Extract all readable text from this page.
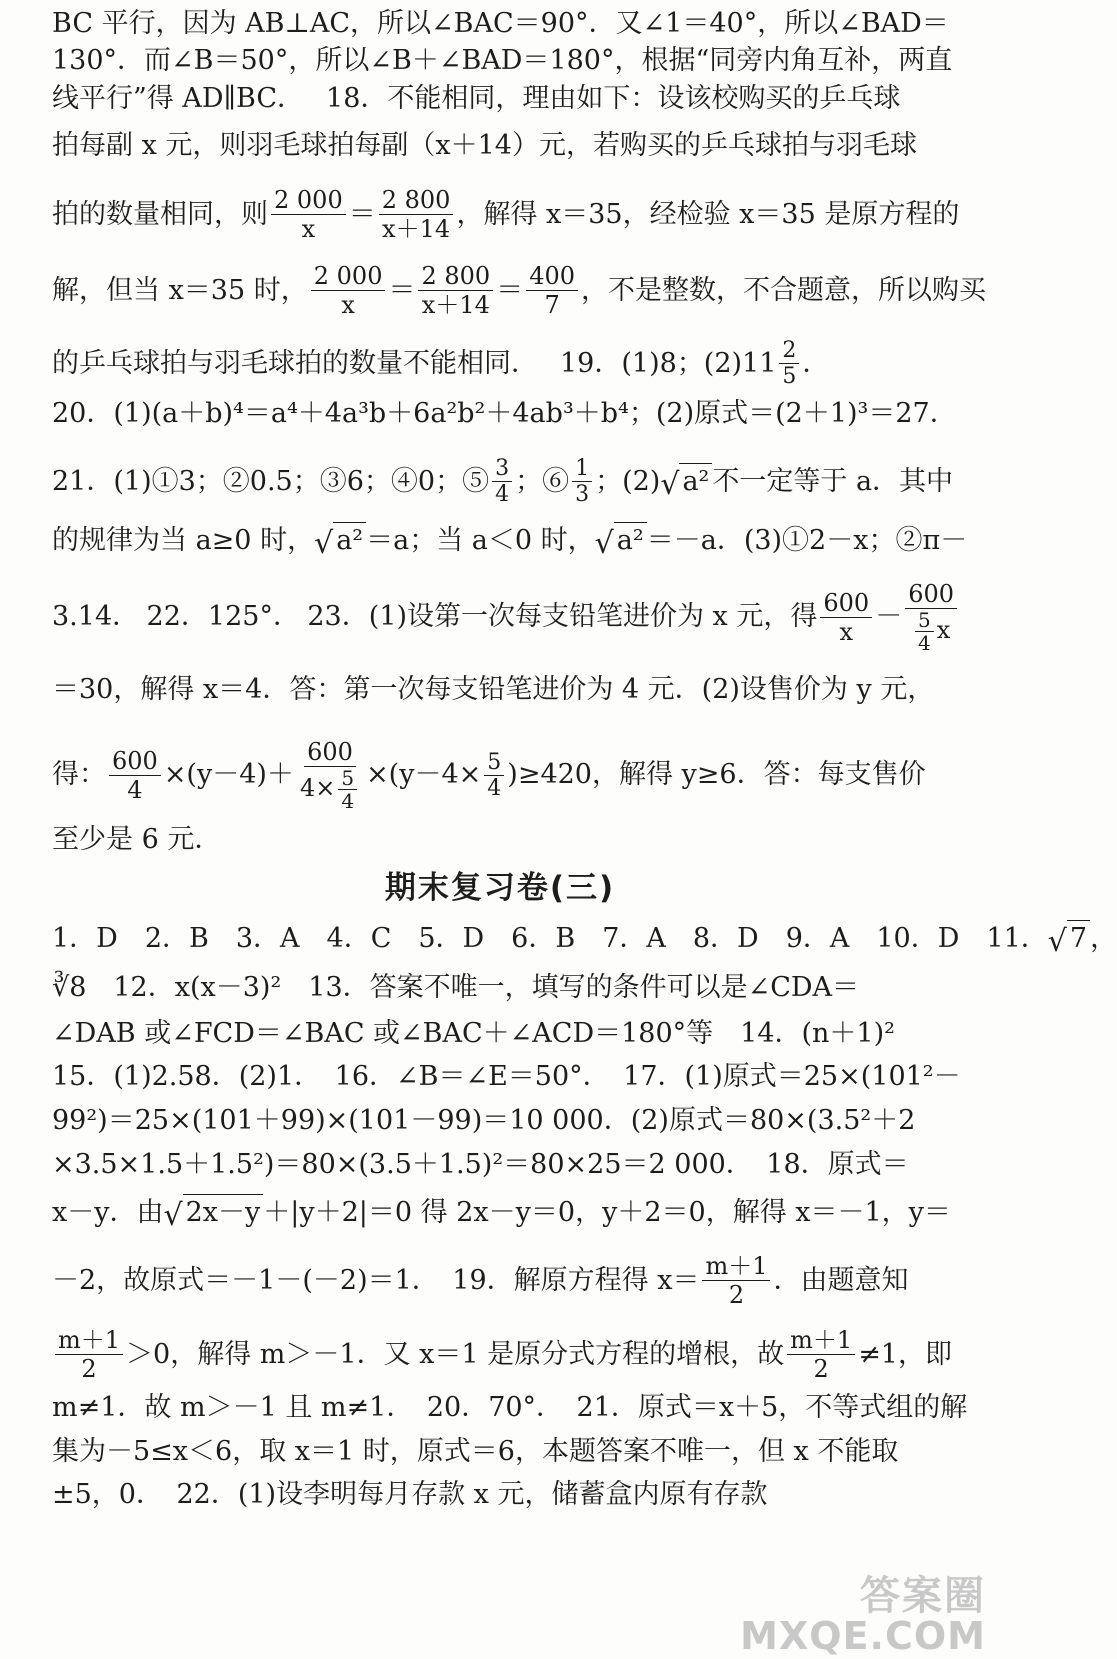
BC 平行，因为 AB⊥AC，所以∠BAC＝90°．又∠1＝40°，所以∠BAD＝
130°．而∠B＝50°，所以∠B＋∠BAD＝180°，根据“同旁内角互补，两直
线平行”得 AD∥BC． 18．不能相同，理由如下：设该校购买的乒乓球
拍每副 x 元，则羽毛球拍每副（x＋14）元，若购买的乒乓球拍与羽毛球
拍的数量相同，则 $\frac{2 000}{x} = \frac{2 800}{x+14}$ ，解得 x＝35，经检验 x＝35 是原方程的
解，但当 x＝35 时， $\frac{2 000}{x} = \frac{2 800}{x+14} = \frac{400}{7}$ ，不是整数，不合题意，所以购买
的乒乓球拍与羽毛球拍的数量不能相同． 19．(1)8；$(2)11 \frac{2}{5}$ ．
20．(1)(a＋b)⁴＝a⁴＋4a³b＋6a²b²＋4ab³＋b⁴；(2)原式＝(2＋1)³＝27．
21．(1)①3；②0.5；③6；④0；⑤ $\frac{3}{4}$ ；⑥ $\frac{1}{3}$ ；(2) √ a² 不一定等于 a．其中
的规律为当 a≥0 时， √ a² ＝a；当 a＜0 时， √ a² ＝－a．(3)①2－x；②π－
3.14． 22．125°． 23．(1)设第一次每支铅笔进价为 x 元，得 $\frac{600}{x} - \frac{600}{\frac{5}{4} x}$
＝30，解得 x＝4．答：第一次每支铅笔进价为 4 元．(2)设售价为 y 元，
得： $\frac{600}{4} \times(y-4)+ \frac{600}{4\times \frac{5}{4}} \times(y-4\times \frac{5}{4} )\ge 420$，解得 y≥6．答：每支售价
至少是 6 元．
期末复习卷(三)
1．D　2．B　3．A　4．C　5．D　6．B　7．A　8．D　9．A　10．D　11． √ 7 ，
∛8　12．x(x－3)²　13．答案不唯一，填写的条件可以是∠CDA＝
∠DAB 或∠FCD＝∠BAC 或∠BAC＋∠ACD＝180°等　14．(n＋1)²
15．(1)2.58．(2)1．　16．∠B＝∠E＝50°．　17．(1)原式＝25×(101²－
99²)＝25×(101＋99)×(101－99)＝10 000．(2)原式＝80×(3.5²＋2
×3.5×1.5＋1.5²)＝80×(3.5＋1.5)²＝80×25＝2 000．　18．原式＝
x－y．由 √ 2x－y ＋|y＋2|＝0 得 2x－y＝0，y＋2＝0，解得 x＝－1，y＝
－2，故原式＝－1－(－2)＝1．　19．解原方程得 $x= \frac{m+1}{2}$ ．由题意知
$\frac{m+1}{2} >0$，解得 m＞－1．又 x＝1 是原分式方程的增根，故 $\frac{m+1}{2} \ne 1$，即
m≠1．故 m＞－1 且 m≠1．　20．70°．　21．原式＝x＋5，不等式组的解
集为－5≤x＜6，取 x＝1 时，原式＝6，本题答案不唯一，但 x 不能取
±5，0．　22．(1)设李明每月存款 x 元，储蓄盒内原有存款
答案圈
MXQE.COM
